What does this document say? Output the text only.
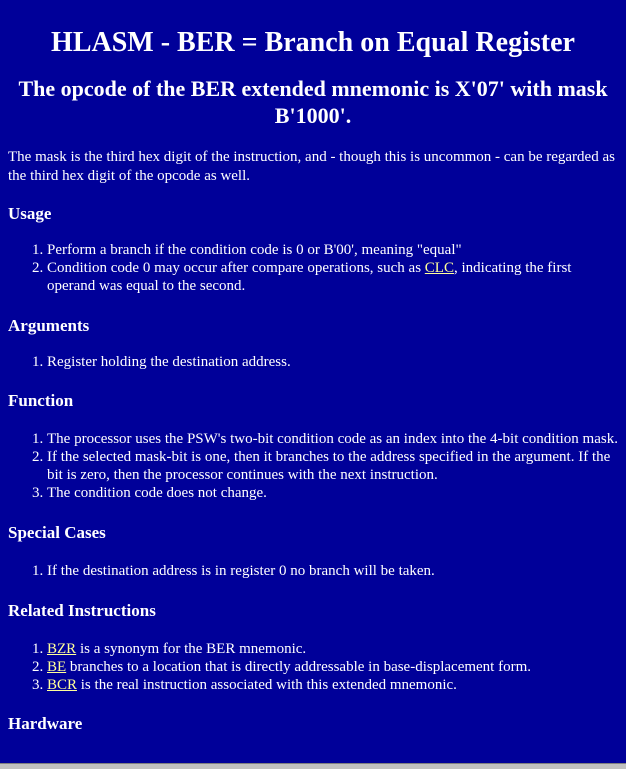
HLASM - BER = Branch on Equal Register
The opcode of the BER extended mnemonic is X'07' with mask B'1000'.

The mask is the third hex digit of the instruction, and - though this is uncommon - can be regarded as the third hex digit of the opcode as well.

Usage
1. Perform a branch if the condition code is 0 or B'00', meaning "equal"
2. Condition code 0 may occur after compare operations, such as CLC, indicating the first operand was equal to the second.
Arguments
1. Register holding the destination address.
Function
1. The processor uses the PSW's two-bit condition code as an index into the 4-bit condition mask.
2. If the selected mask-bit is one, then it branches to the address specified in the argument. If the bit is zero, then the processor continues with the next instruction.
3. The condition code does not change.
Special Cases
1. If the destination address is in register 0 no branch will be taken.
Related Instructions
1. BZR is a synonym for the BER mnemonic.
2. BE branches to a location that is directly addressable in base-displacement form.
3. BCR is the real instruction associated with this extended mnemonic.
Hardware
